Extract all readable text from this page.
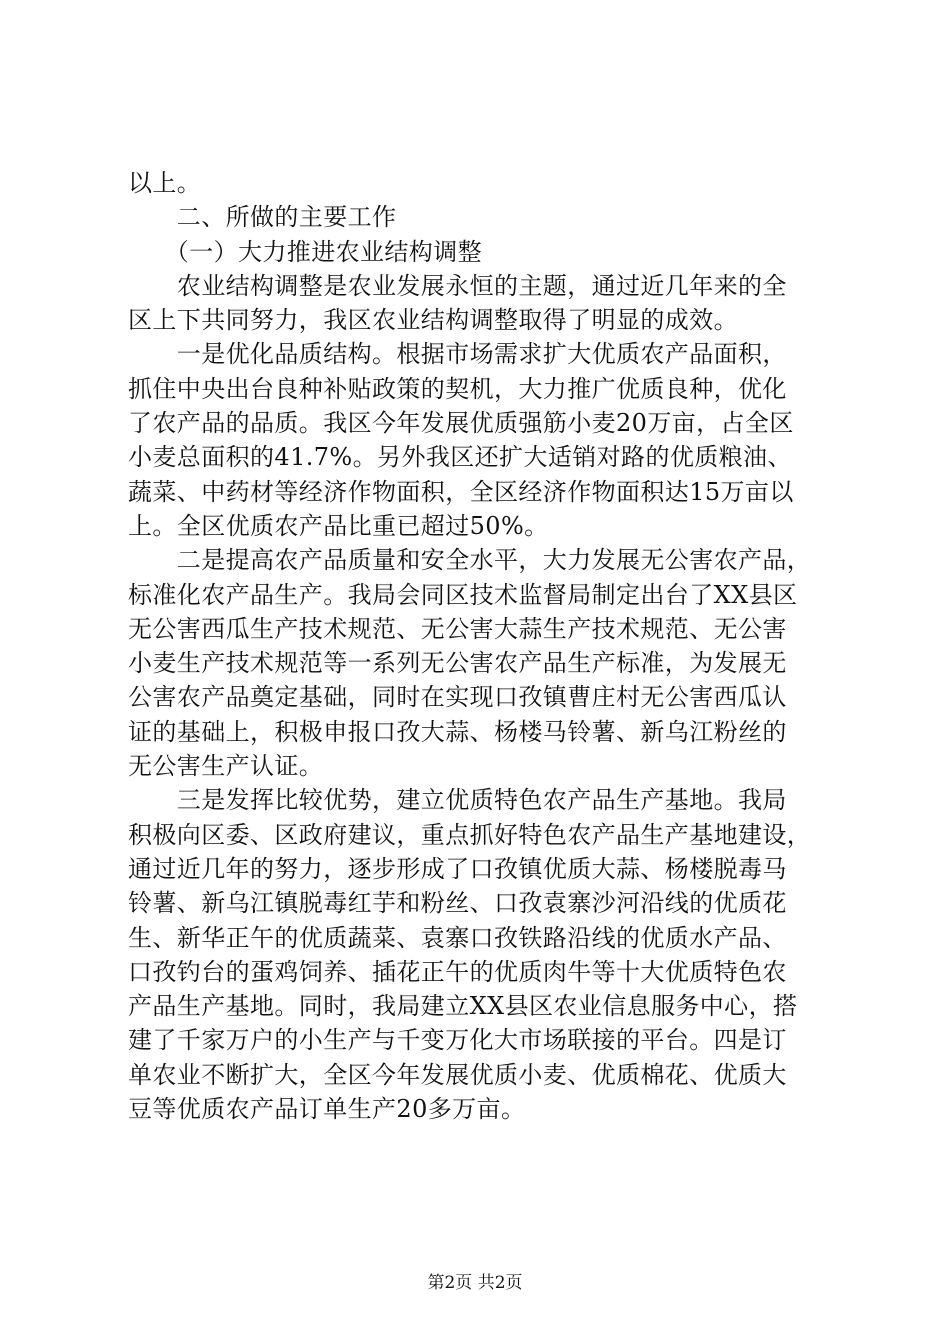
以上。
　　二、所做的主要工作
　　（一）大力推进农业结构调整
　　农业结构调整是农业发展永恒的主题，通过近几年来的全
区上下共同努力，我区农业结构调整取得了明显的成效。
　　一是优化品质结构。根据市场需求扩大优质农产品面积，
抓住中央出台良种补贴政策的契机，大力推广优质良种，优化
了农产品的品质。我区今年发展优质强筋小麦20万亩，占全区
小麦总面积的41.7%。另外我区还扩大适销对路的优质粮油、
蔬菜、中药材等经济作物面积，全区经济作物面积达15万亩以
上。全区优质农产品比重已超过50%。
　　二是提高农产品质量和安全水平，大力发展无公害农产品，
标准化农产品生产。我局会同区技术监督局制定出台了XX县区
无公害西瓜生产技术规范、无公害大蒜生产技术规范、无公害
小麦生产技术规范等一系列无公害农产品生产标准，为发展无
公害农产品奠定基础，同时在实现口孜镇曹庄村无公害西瓜认
证的基础上，积极申报口孜大蒜、杨楼马铃薯、新乌江粉丝的
无公害生产认证。
　　三是发挥比较优势，建立优质特色农产品生产基地。我局
积极向区委、区政府建议，重点抓好特色农产品生产基地建设，
通过近几年的努力，逐步形成了口孜镇优质大蒜、杨楼脱毒马
铃薯、新乌江镇脱毒红芋和粉丝、口孜袁寨沙河沿线的优质花
生、新华正午的优质蔬菜、袁寨口孜铁路沿线的优质水产品、
口孜钓台的蛋鸡饲养、插花正午的优质肉牛等十大优质特色农
产品生产基地。同时，我局建立XX县区农业信息服务中心，搭
建了千家万户的小生产与千变万化大市场联接的平台。四是订
单农业不断扩大，全区今年发展优质小麦、优质棉花、优质大
豆等优质农产品订单生产20多万亩。
第2页 共2页
